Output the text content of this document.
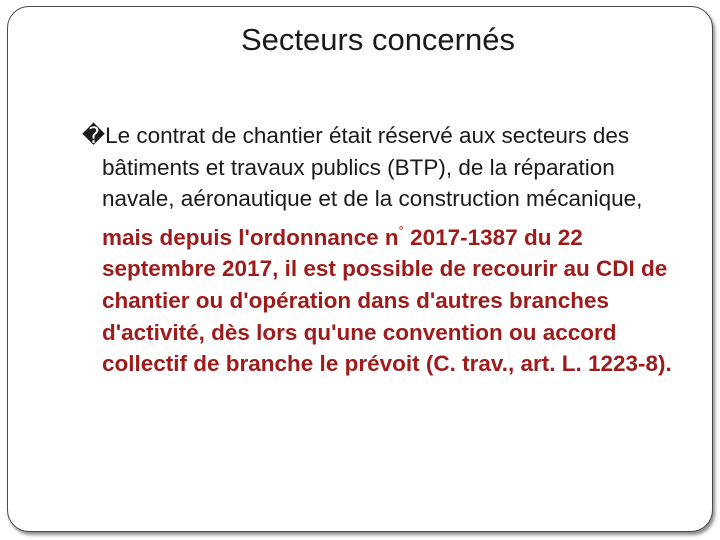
Secteurs concernés
�Le contrat de chantier était réservé aux secteurs des bâtiments et travaux publics (BTP), de la réparation navale, aéronautique et de la construction mécanique, mais depuis l'ordonnance n° 2017-1387 du 22 septembre 2017, il est possible de recourir au CDI de chantier ou d'opération dans d'autres branches d'activité, dès lors qu'une convention ou accord collectif de branche le prévoit (C. trav., art. L. 1223-8).
